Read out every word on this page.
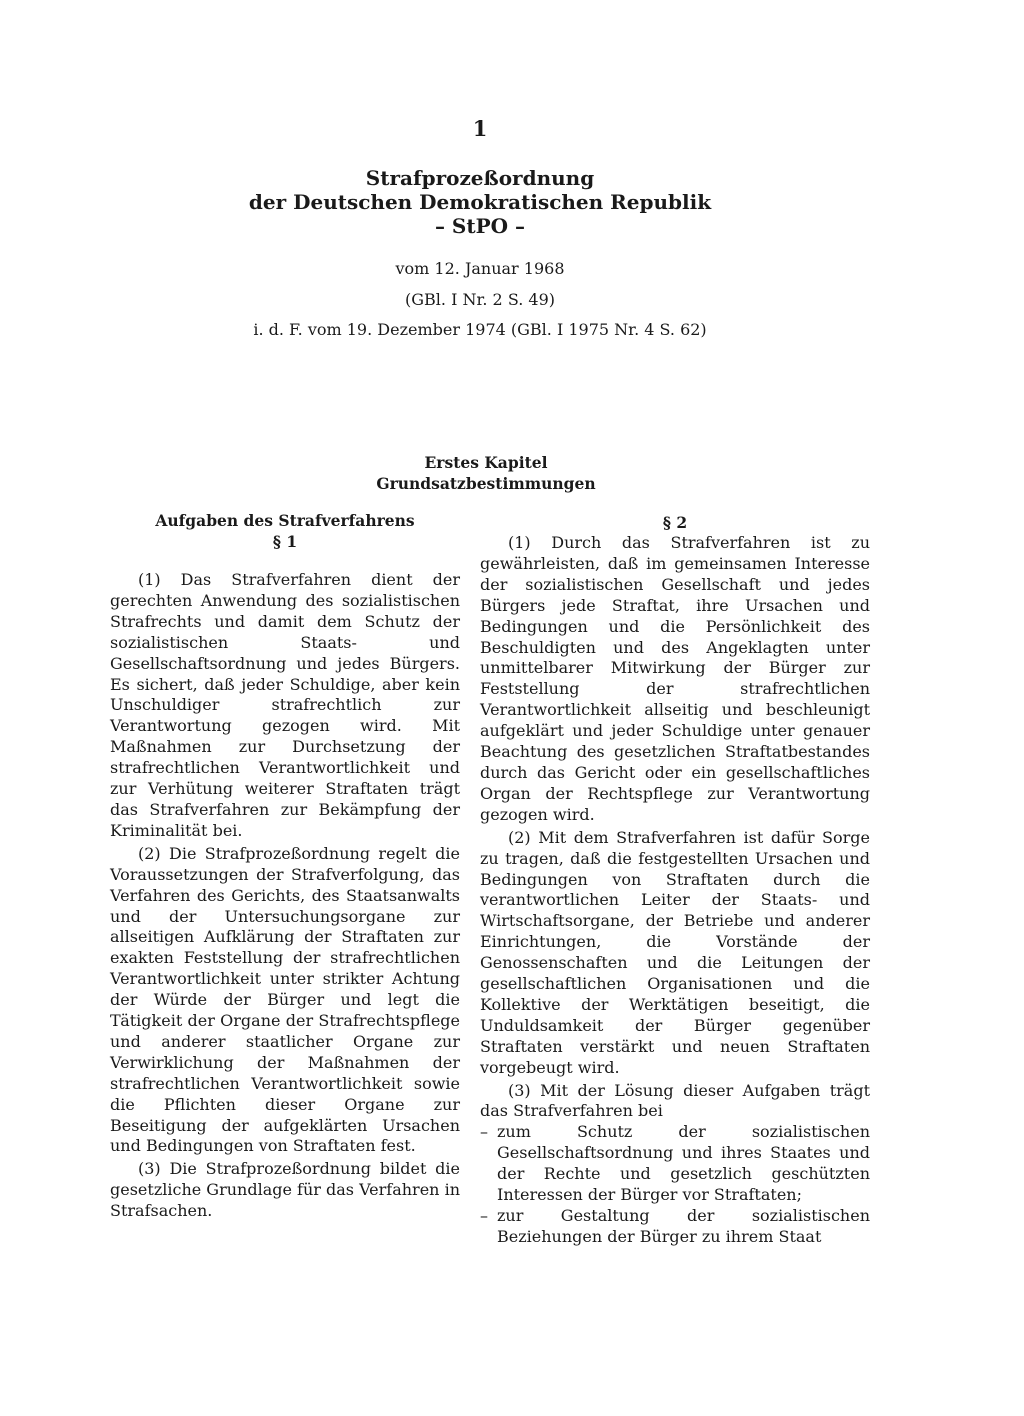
1
Strafprozeßordnung
der Deutschen Demokratischen Republik
– StPO –
vom 12. Januar 1968
(GBl. I Nr. 2 S. 49)
i. d. F. vom 19. Dezember 1974 (GBl. I 1975 Nr. 4 S. 62)
Erstes Kapitel
Grundsatzbestimmungen
Aufgaben des Strafverfahrens
§ 1

(1) Das Strafverfahren dient der gerechten Anwendung des sozialistischen Strafrechts und damit dem Schutz der sozialistischen Staats- und Gesellschaftsordnung und jedes Bürgers. Es sichert, daß jeder Schuldige, aber kein Unschuldiger strafrechtlich zur Verantwortung gezogen wird. Mit Maßnahmen zur Durchsetzung der strafrechtlichen Verantwortlichkeit und zur Verhütung weiterer Straftaten trägt das Strafverfahren zur Bekämpfung der Kriminalität bei.

(2) Die Strafprozeßordnung regelt die Voraussetzungen der Strafverfolgung, das Verfahren des Gerichts, des Staatsanwalts und der Untersuchungsorgane zur allseitigen Aufklärung der Straftaten zur exakten Feststellung der strafrechtlichen Verantwortlichkeit unter strikter Achtung der Würde der Bürger und legt die Tätigkeit der Organe der Strafrechtspflege und anderer staatlicher Organe zur Verwirklichung der Maßnahmen der strafrechtlichen Verantwortlichkeit sowie die Pflichten dieser Organe zur Beseitigung der aufgeklärten Ursachen und Bedingungen von Straftaten fest.

(3) Die Strafprozeßordnung bildet die gesetzliche Grundlage für das Verfahren in Strafsachen.

§ 2

(1) Durch das Strafverfahren ist zu gewährleisten, daß im gemeinsamen Interesse der sozialistischen Gesellschaft und jedes Bürgers jede Straftat, ihre Ursachen und Bedingungen und die Persönlichkeit des Beschuldigten und des Angeklagten unter unmittelbarer Mitwirkung der Bürger zur Feststellung der strafrechtlichen Verantwortlichkeit allseitig und beschleunigt aufgeklärt und jeder Schuldige unter genauer Beachtung des gesetzlichen Straftatbestandes durch das Gericht oder ein gesellschaftliches Organ der Rechtspflege zur Verantwortung gezogen wird.

(2) Mit dem Strafverfahren ist dafür Sorge zu tragen, daß die festgestellten Ursachen und Bedingungen von Straftaten durch die verantwortlichen Leiter der Staats- und Wirtschaftsorgane, der Betriebe und anderer Einrichtungen, die Vorstände der Genossenschaften und die Leitungen der gesellschaftlichen Organisationen und die Kollektive der Werktätigen beseitigt, die Unduldsamkeit der Bürger gegenüber Straftaten verstärkt und neuen Straftaten vorgebeugt wird.

(3) Mit der Lösung dieser Aufgaben trägt das Strafverfahren bei

– zum Schutz der sozialistischen Gesellschaftsordnung und ihres Staates und der Rechte und gesetzlich geschützten Interessen der Bürger vor Straftaten;

– zur Gestaltung der sozialistischen Beziehungen der Bürger zu ihrem Staat
